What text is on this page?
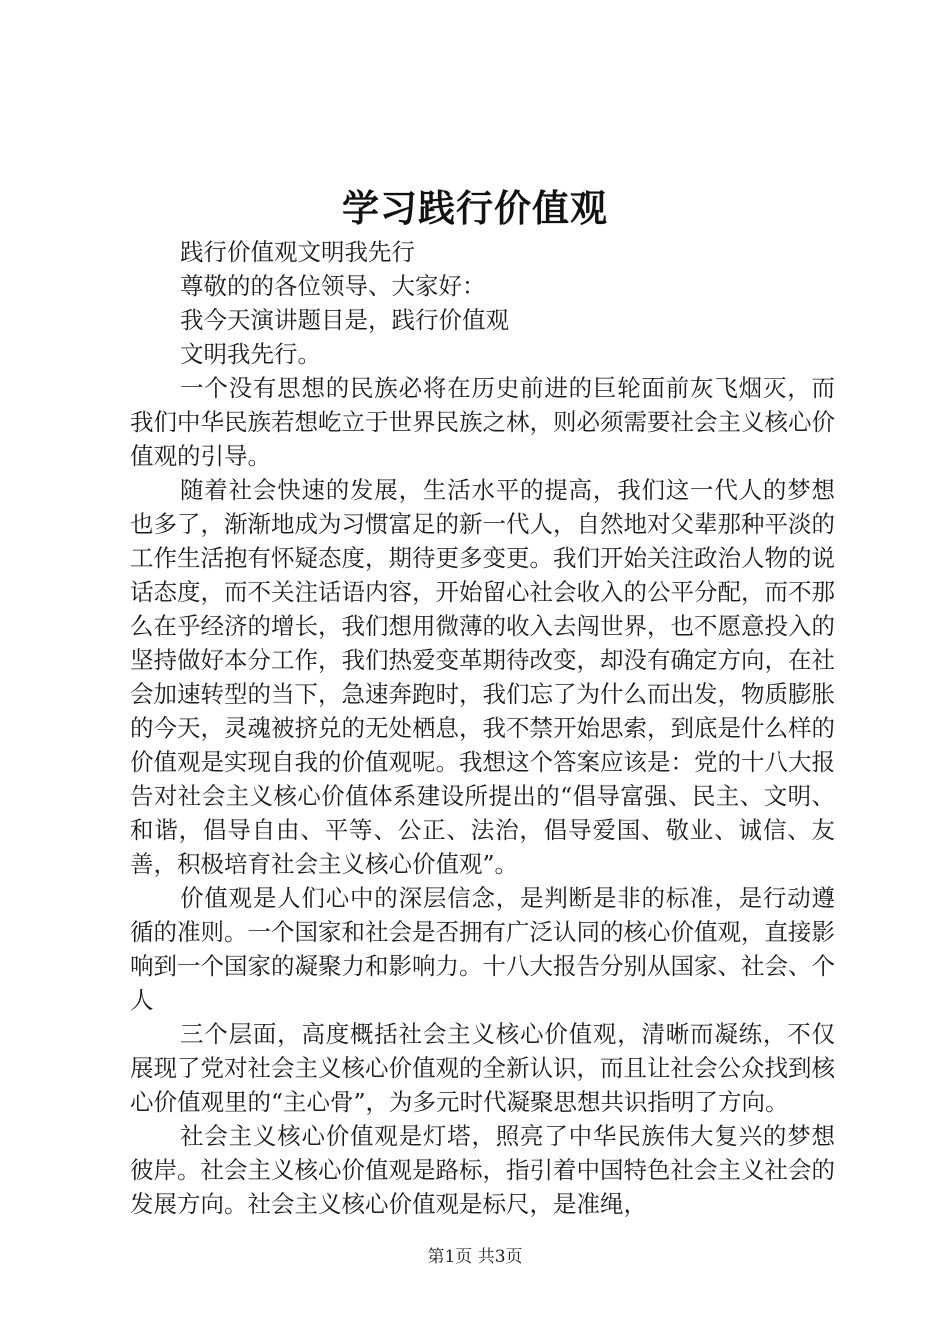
学习践行价值观

践行价值观文明我先行

尊敬的的各位领导、大家好：

我今天演讲题目是，践行价值观

文明我先行。

一个没有思想的民族必将在历史前进的巨轮面前灰飞烟灭，而我们中华民族若想屹立于世界民族之林，则必须需要社会主义核心价值观的引导。

随着社会快速的发展，生活水平的提高，我们这一代人的梦想也多了，渐渐地成为习惯富足的新一代人，自然地对父辈那种平淡的工作生活抱有怀疑态度，期待更多变更。我们开始关注政治人物的说话态度，而不关注话语内容，开始留心社会收入的公平分配，而不那么在乎经济的增长，我们想用微薄的收入去闯世界，也不愿意投入的坚持做好本分工作，我们热爱变革期待改变，却没有确定方向，在社会加速转型的当下，急速奔跑时，我们忘了为什么而出发，物质膨胀的今天，灵魂被挤兑的无处栖息，我不禁开始思索，到底是什么样的价值观是实现自我的价值观呢。我想这个答案应该是：党的十八大报告对社会主义核心价值体系建设所提出的“倡导富强、民主、文明、和谐，倡导自由、平等、公正、法治，倡导爱国、敬业、诚信、友善，积极培育社会主义核心价值观”。

价值观是人们心中的深层信念，是判断是非的标准，是行动遵循的准则。一个国家和社会是否拥有广泛认同的核心价值观，直接影响到一个国家的凝聚力和影响力。十八大报告分别从国家、社会、个人

三个层面，高度概括社会主义核心价值观，清晰而凝练，不仅展现了党对社会主义核心价值观的全新认识，而且让社会公众找到核心价值观里的“主心骨”，为多元时代凝聚思想共识指明了方向。

社会主义核心价值观是灯塔，照亮了中华民族伟大复兴的梦想彼岸。社会主义核心价值观是路标，指引着中国特色社会主义社会的发展方向。社会主义核心价值观是标尺，是准绳，

第1页 共3页
